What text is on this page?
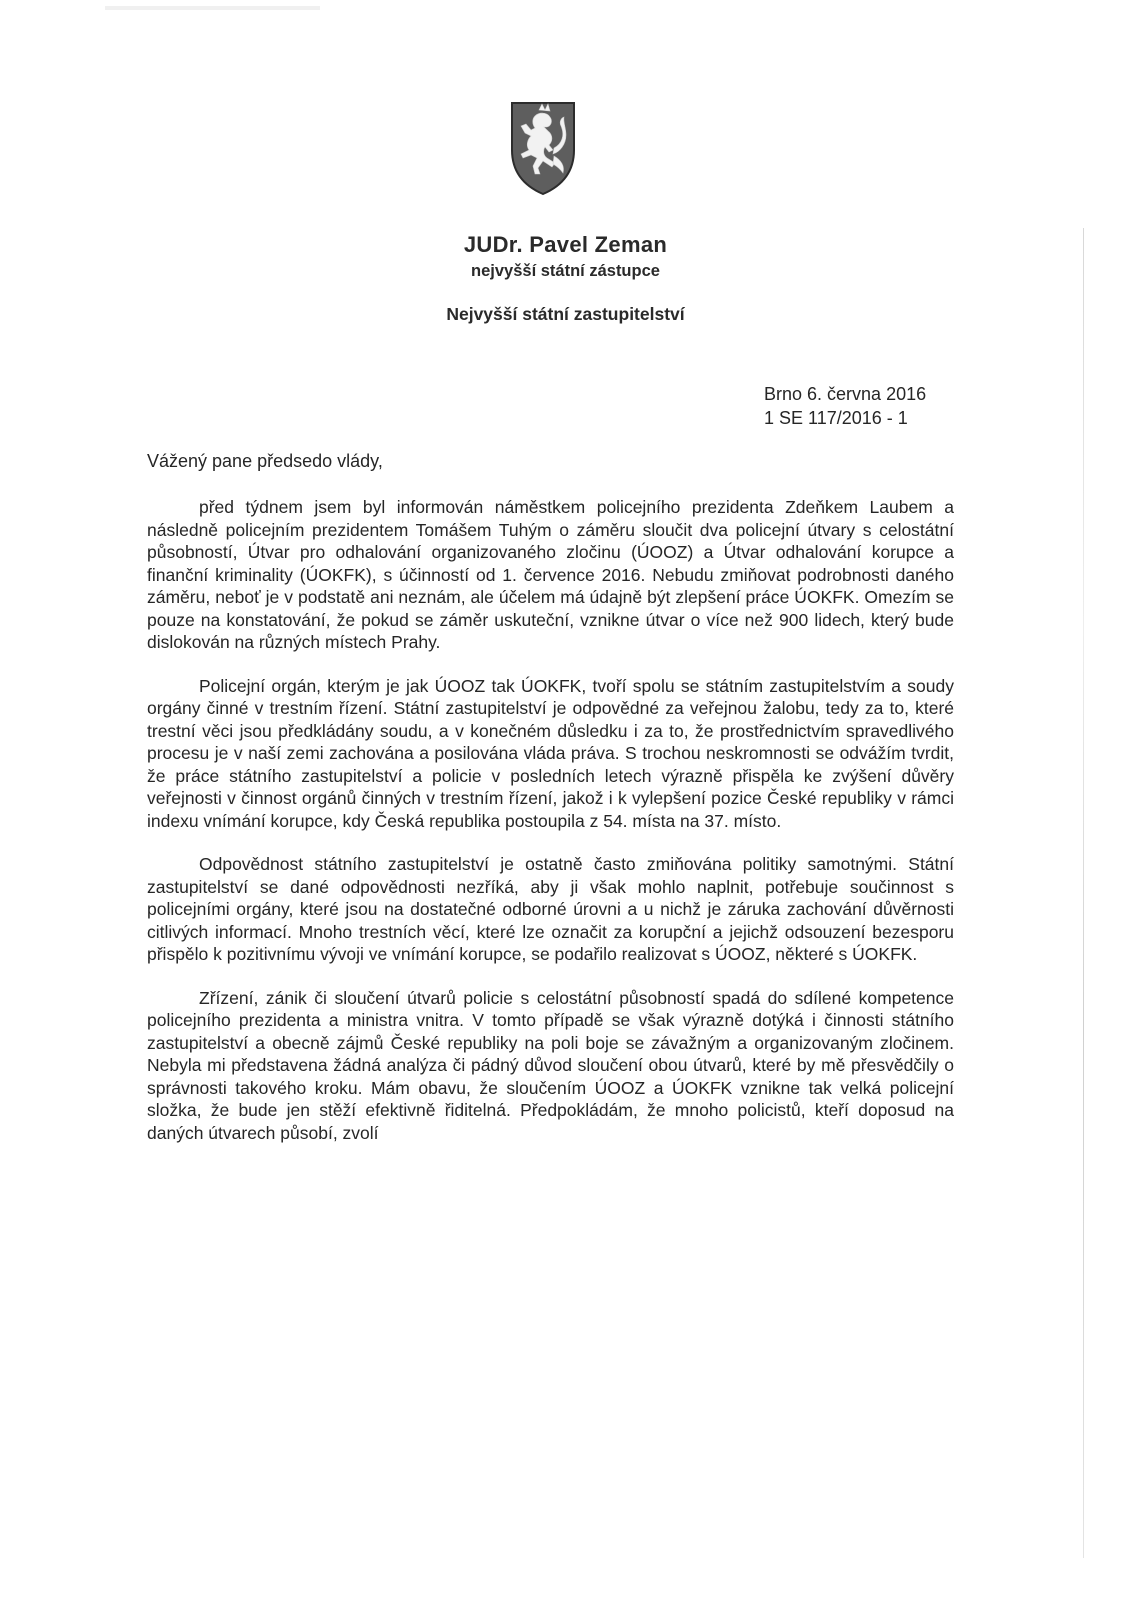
JUDr. Pavel Zeman
nejvyšší státní zástupce
Nejvyšší státní zastupitelství
Brno 6. června 2016
1 SE 117/2016 - 1
Vážený pane předsedo vlády,

před týdnem jsem byl informován náměstkem policejního prezidenta Zdeňkem Laubem a následně policejním prezidentem Tomášem Tuhým o záměru sloučit dva policejní útvary s celostátní působností, Útvar pro odhalování organizovaného zločinu (ÚOOZ) a Útvar odhalování korupce a finanční kriminality (ÚOKFK), s účinností od 1. července 2016. Nebudu zmiňovat podrobnosti daného záměru, neboť je v podstatě ani neznám, ale účelem má údajně být zlepšení práce ÚOKFK. Omezím se pouze na konstatování, že pokud se záměr uskuteční, vznikne útvar o více než 900 lidech, který bude dislokován na různých místech Prahy.

Policejní orgán, kterým je jak ÚOOZ tak ÚOKFK, tvoří spolu se státním zastupitelstvím a soudy orgány činné v trestním řízení. Státní zastupitelství je odpovědné za veřejnou žalobu, tedy za to, které trestní věci jsou předkládány soudu, a v konečném důsledku i za to, že prostřednictvím spravedlivého procesu je v naší zemi zachována a posilována vláda práva. S trochou neskromnosti se odvážím tvrdit, že práce státního zastupitelství a policie v posledních letech výrazně přispěla ke zvýšení důvěry veřejnosti v činnost orgánů činných v trestním řízení, jakož i k vylepšení pozice České republiky v rámci indexu vnímání korupce, kdy Česká republika postoupila z 54. místa na 37. místo.

Odpovědnost státního zastupitelství je ostatně často zmiňována politiky samotnými. Státní zastupitelství se dané odpovědnosti nezříká, aby ji však mohlo naplnit, potřebuje součinnost s policejními orgány, které jsou na dostatečné odborné úrovni a u nichž je záruka zachování důvěrnosti citlivých informací. Mnoho trestních věcí, které lze označit za korupční a jejichž odsouzení bezesporu přispělo k pozitivnímu vývoji ve vnímání korupce, se podařilo realizovat s ÚOOZ, některé s ÚOKFK.

Zřízení, zánik či sloučení útvarů policie s celostátní působností spadá do sdílené kompetence policejního prezidenta a ministra vnitra. V tomto případě se však výrazně dotýká i činnosti státního zastupitelství a obecně zájmů České republiky na poli boje se závažným a organizovaným zločinem. Nebyla mi představena žádná analýza či pádný důvod sloučení obou útvarů, které by mě přesvědčily o správnosti takového kroku. Mám obavu, že sloučením ÚOOZ a ÚOKFK vznikne tak velká policejní složka, že bude jen stěží efektivně řiditelná. Předpokládám, že mnoho policistů, kteří doposud na daných útvarech působí, zvolí
